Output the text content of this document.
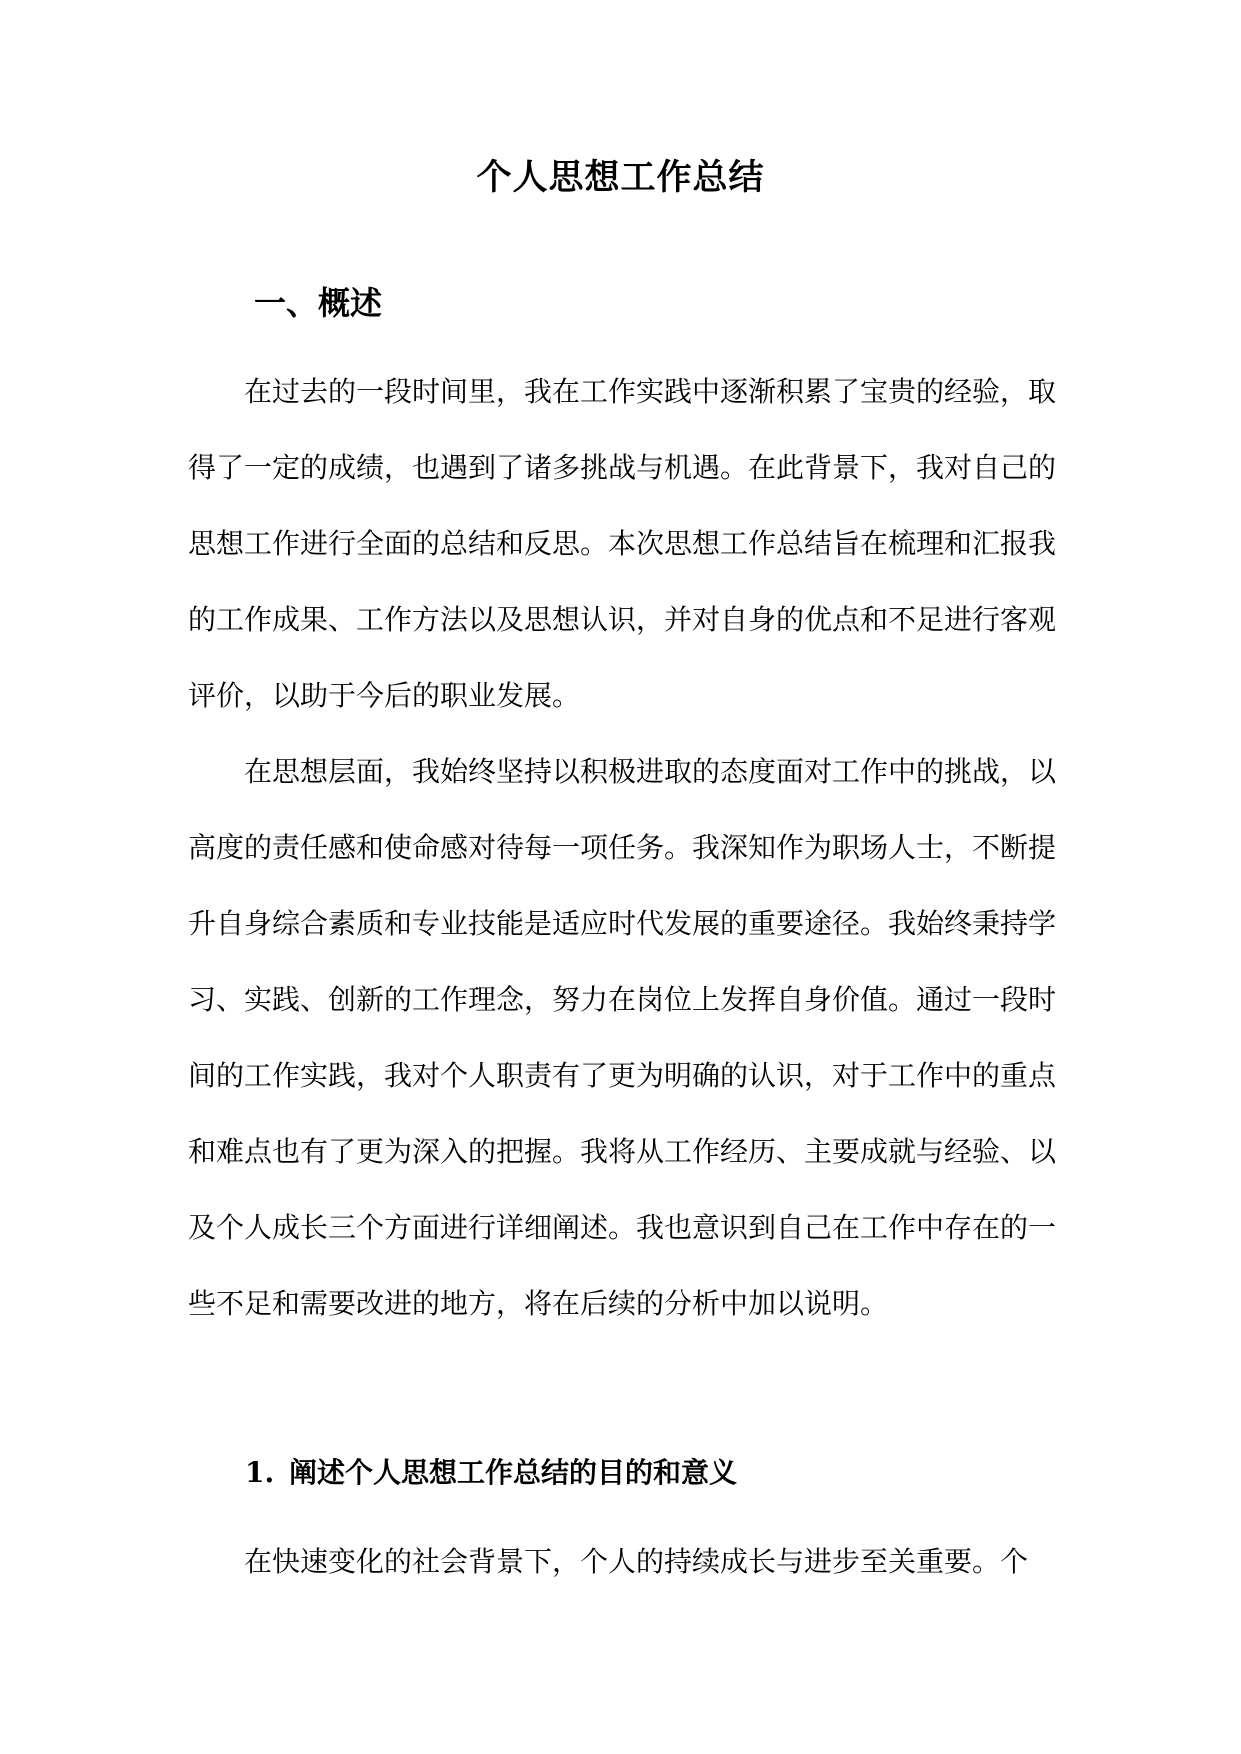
个人思想工作总结
一、概述

在过去的一段时间里，我在工作实践中逐渐积累了宝贵的经验，取得了一定的成绩，也遇到了诸多挑战与机遇。在此背景下，我对自己的思想工作进行全面的总结和反思。本次思想工作总结旨在梳理和汇报我的工作成果、工作方法以及思想认识，并对自身的优点和不足进行客观评价，以助于今后的职业发展。

在思想层面，我始终坚持以积极进取的态度面对工作中的挑战，以高度的责任感和使命感对待每一项任务。我深知作为职场人士，不断提升自身综合素质和专业技能是适应时代发展的重要途径。我始终秉持学习、实践、创新的工作理念，努力在岗位上发挥自身价值。通过一段时间的工作实践，我对个人职责有了更为明确的认识，对于工作中的重点和难点也有了更为深入的把握。我将从工作经历、主要成就与经验、以及个人成长三个方面进行详细阐述。我也意识到自己在工作中存在的一些不足和需要改进的地方，将在后续的分析中加以说明。

1. 阐述个人思想工作总结的目的和意义

在快速变化的社会背景下，个人的持续成长与进步至关重要。个
